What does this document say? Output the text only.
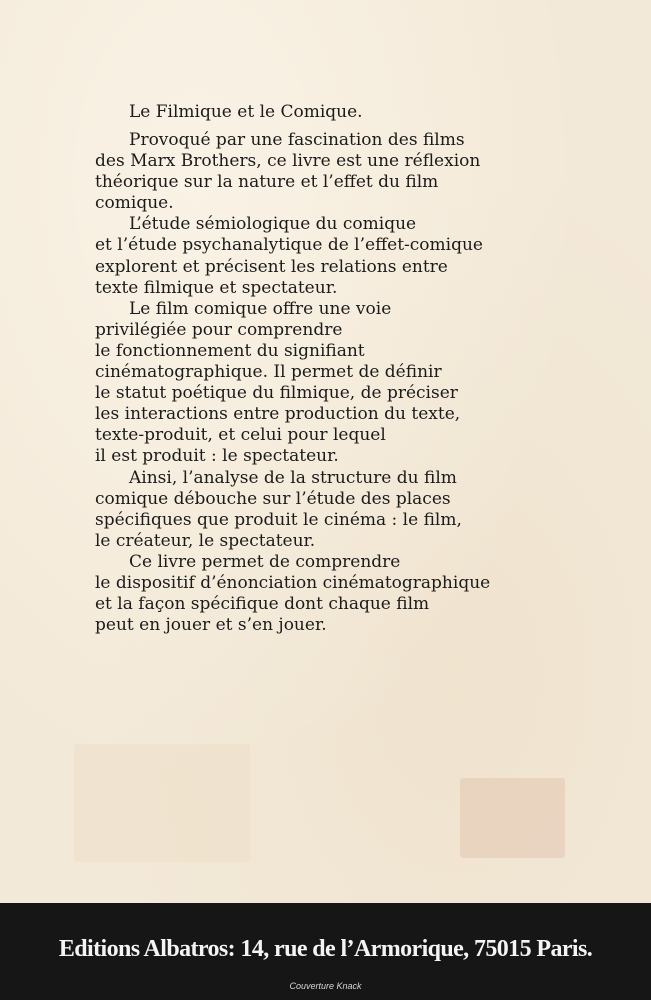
Le Filmique et le Comique.

Provoqué par une fascination des films
des Marx Brothers, ce livre est une réflexion
théorique sur la nature et l’effet du film
comique.

L’étude sémiologique du comique
et l’étude psychanalytique de l’effet-comique
explorent et précisent les relations entre
texte filmique et spectateur.

Le film comique offre une voie
privilégiée pour comprendre
le fonctionnement du signifiant
cinématographique. Il permet de définir
le statut poétique du filmique, de préciser
les interactions entre production du texte,
texte-produit, et celui pour lequel
il est produit : le spectateur.

Ainsi, l’analyse de la structure du film
comique débouche sur l’étude des places
spécifiques que produit le cinéma : le film,
le créateur, le spectateur.

Ce livre permet de comprendre
le dispositif d’énonciation cinématographique
et la façon spécifique dont chaque film
peut en jouer et s’en jouer.

Editions Albatros: 14, rue de l’Armorique, 75015 Paris.
Couverture Knack
